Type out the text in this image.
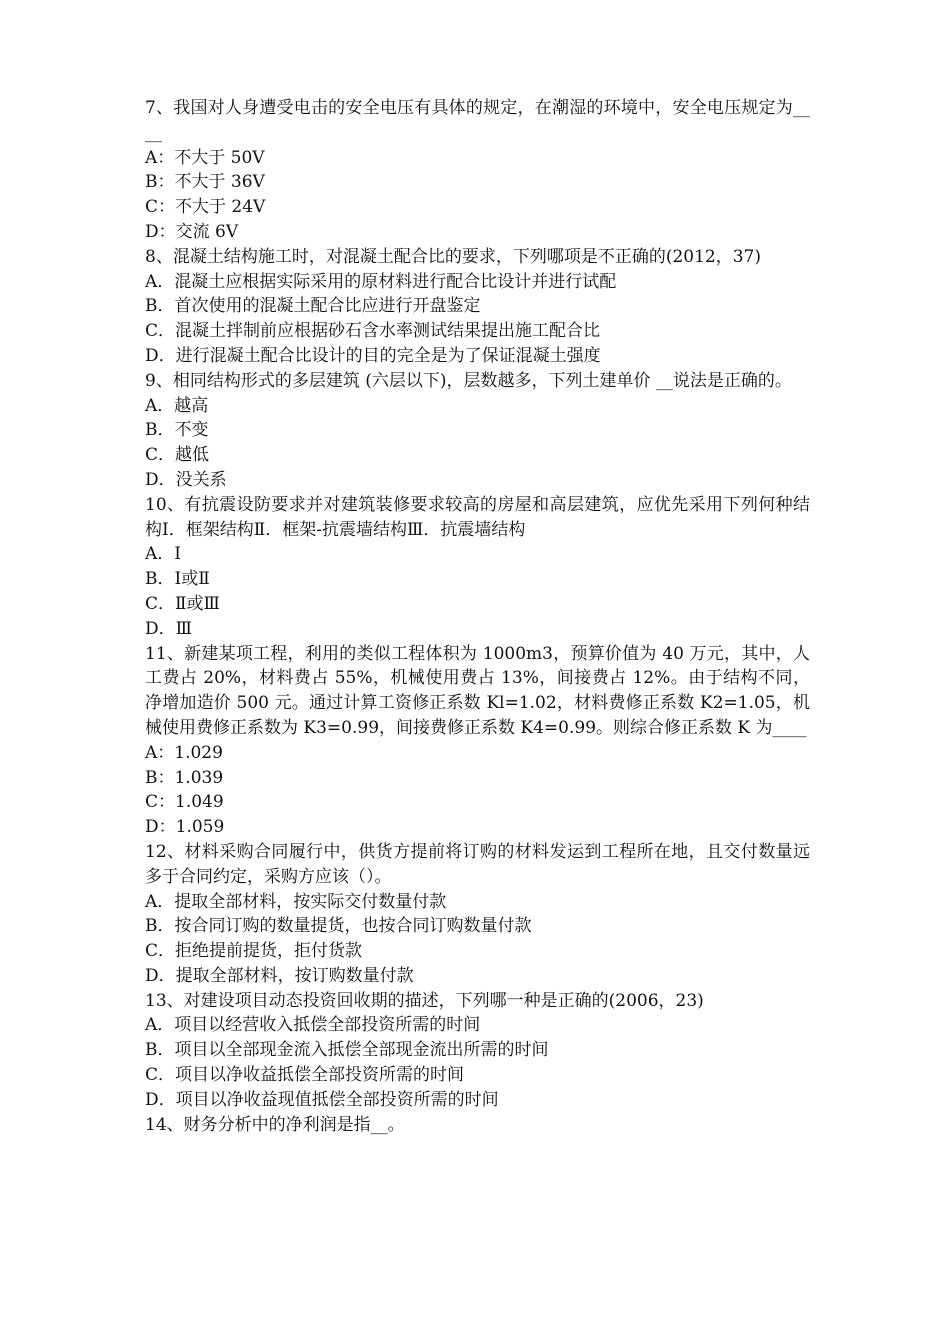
7、我国对人身遭受电击的安全电压有具体的规定，在潮湿的环境中，安全电压规定为____

A：不大于 50V

B：不大于 36V

C：不大于 24V

D：交流 6V

8、混凝土结构施工时，对混凝土配合比的要求，下列哪项是不正确的(2012，37)

A．混凝土应根据实际采用的原材料进行配合比设计并进行试配

B．首次使用的混凝土配合比应进行开盘鉴定

C．混凝土拌制前应根据砂石含水率测试结果提出施工配合比

D．进行混凝土配合比设计的目的完全是为了保证混凝土强度

9、相同结构形式的多层建筑 (六层以下)，层数越多，下列土建单价 __说法是正确的。

A．越高

B．不变

C．越低

D．没关系

10、有抗震设防要求并对建筑装修要求较高的房屋和高层建筑，应优先采用下列何种结构Ⅰ．框架结构Ⅱ．框架-抗震墙结构Ⅲ．抗震墙结构

A．Ⅰ

B．Ⅰ或Ⅱ

C．Ⅱ或Ⅲ

D．Ⅲ

11、新建某项工程，利用的类似工程体积为 1000m3，预算价值为 40 万元，其中，人工费占 20%，材料费占 55%，机械使用费占 13%，间接费占 12%。由于结构不同，净增加造价 500 元。通过计算工资修正系数 Kl=1.02，材料费修正系数 K2=1.05，机械使用费修正系数为 K3=0.99，间接费修正系数 K4=0.99。则综合修正系数 K 为____

A：1.029

B：1.039

C：1.049

D：1.059

12、材料采购合同履行中，供货方提前将订购的材料发运到工程所在地，且交付数量远多于合同约定，采购方应该（）。

A．提取全部材料，按实际交付数量付款

B．按合同订购的数量提货，也按合同订购数量付款

C．拒绝提前提货，拒付货款

D．提取全部材料，按订购数量付款

13、对建设项目动态投资回收期的描述，下列哪一种是正确的(2006，23)

A．项目以经营收入抵偿全部投资所需的时间

B．项目以全部现金流入抵偿全部现金流出所需的时间

C．项目以净收益抵偿全部投资所需的时间

D．项目以净收益现值抵偿全部投资所需的时间

14、财务分析中的净利润是指__。
